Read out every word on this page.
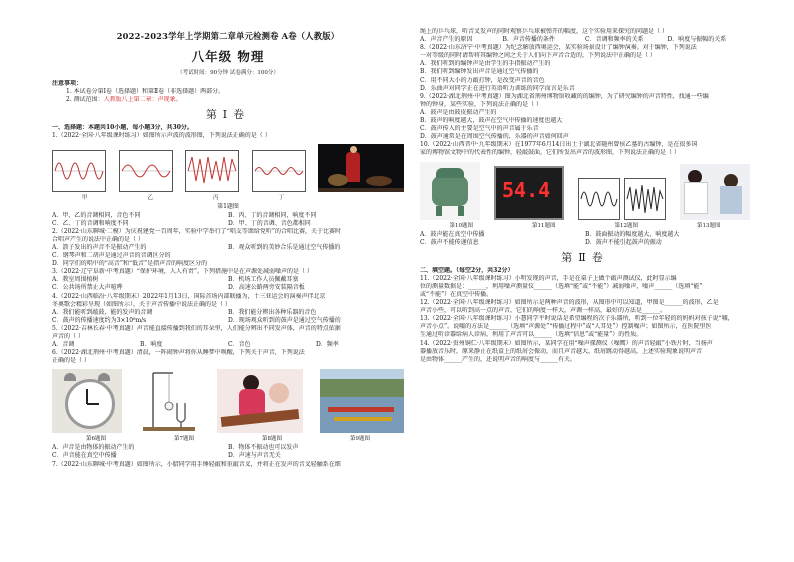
2022-2023学年上学期第二章单元检测卷 A卷（人教版）
八年级 物理
（考试时间：90分钟 试卷满分：100分）
注意事项：
1. 本试卷分第Ⅰ卷（选择题）和第Ⅱ卷（非选择题）两部分。
2. 测试范围：人教版八上第二章：声现象。
第Ⅰ卷
一、选择题：本题共10小题，每小题3分，共30分。
1.（2022·全国·八年级课时练习）如图所示声波的波形图，下列说法正确的是（ ）
甲	乙	丙	丁
第1题图
A．甲、乙的音调相同，音色不同	B．丙、丁的音调相同，响度不同
C．乙、丁的音调和响度不同	D．甲、丁的音调、音色都相同
2.（2022·山东聊城·二模）为庆祝建党一百周年，实验中学举行了“唱支等颂给党听”的合唱比赛，关于比赛时
合唱声产生的说法中正确的是（ ）
A．箭子发出的声音不是振动产生的	B．观众听到的美妙合乐是通过空气传播的
C．钢琴声和二胡声是通过声音的音调区分的
D．同学们的唱中的“高音”和“低音”是指声音的响度区分的
3.（2022·辽宁阜新·中考真题）“保护环境，人人有责”。下列措施中是在声源处减弱噪声的是（ ）
A．教室周围植树	B．机场工作人员佩戴耳塞
C．公共场所禁止大声喧哗	D．高速公路两旁安装隔音板
4.（2022·山西临汾·八年级期末）2022年1月13日，国际首场内部联播为，十三亚运会的演奏声伴北京
冬奥歌会精彩呈现（如图所示），关于声音传播中说法正确的是（ ）
A．我们能听到敲鼓，能的发声的音调	B．我们能分辨出各种乐器的音色
C．鼓声的传播速度约为3×10⁸m/s	D．现场观众听到的鼓声是通过空气传播的
5.（2022·吉林长春·中考真题）声音能直接传播到我们的耳朵里，人们能分辨出不同发声体，声音的特点依据
声音的（ ）
A．音调	B．响度	C．音色	D．频率
6.（2022·湖北荆州·中考真题）清晨，一阵闹钟声将你从睡梦中唤醒，下列关于声音，下列说法
正确的是（ ）
第6题图	第7题图	第8题图	第9题图
A．声音是由物体的振动产生的	B．物体不振动也可以发声
C．声音能在真空中传播	D．声速与声音无关
7.（2022·山东聊城·中考真题）如图所示，小腊同学用手锤轻敲和重敲音叉，并将正在发声的音叉轻触系在细
绳上的乒乓球，听音叉发声的同时观察乒乓球被弹开的幅度，这个实验用来探究的问题是（ ）
A．声音产生的原因	B．声音传播的条件	C．音调和频率的关系	D．响度与振幅的关系
8.（2022·山东济宁·中考真题）为纪念解放西奥运会，某实验场景设计了编钟演奏。对于编钟，下列说法
一对等级的同时请帮将其编钟之间之关于人们向下声音合适的，下列说法中正确的是（ ）
A．我们听到的编钟声是由学生的手指振动产生的
B．我们听到编钟发出声音是通过空气传播的
C．用不同大小的力敲打钟，是改变声音的音色
D．乐曲声对同学正在进行英语听力训练的同学而言是乐音
9.（2022·湖北荆州·中考真题）图为湖北省荆州博物馆收藏的的编钟，为了研究编钟的声音特性，找通一些编
钟的钟身，某些实验，下列说法正确的是（ ）
A．鼓声是由鼓皮振动产生的
B．鼓声的响度越大，鼓声在空气中传播的速度也越大
C．鼓声传入的主要是空气中的声音属于乐音
D．鼓声通常是在周围空气传播的，乐器的声音如何回声
10.（2022·山西晋中·九年级期末）在1977年6月14日出土于湖北省随州曾侯乙墓的古编钟，是在很多国
家的博物馆文物中的代表性的编钟，轻敲鼓面，它们所发出声音的波形图，下列说法正确的是（ ）
54.4
第10题图	第11题图	第12题图	第13题图
A．鼓声能在真空中传播	B．鼓面振动的幅度越大，响度越大
C．鼓声不能传递信息	D．鼓声不能引起鼓声的振动
第Ⅱ卷
二、填空题。（每空2分，共32分）
11.（2022·全国·八年级课时练习）小明发现的声音，手是在桌子上做个敲声测试仪，此时显示编
位的测量数据是：______，利用噪声测量仪______（选填“能”或“不能”）减弱噪声，噪声______（选填“能”
或“不能”）在真空中传播。
12.（2022·全国·八年级课时练习）如图所示是两种声音的波形，从图形中可以知道，甲图是______的波形，乙是
声音小些，可以听到高一点的声音，它们的响度一样大，声调一样高，最好的方法是______。
13.（2022·全国·八年级课时练习）小慧同学平时说话是希望编程的次子乐器所，听到一位年轻的的妈妈对孩子说“嘘，
声音小点”。说嘘的方法是______（选填“声源处”“传播过程中”或“人耳处”）控制噪声；如图所示，在医院里医
生通过听诊器给病人诊病，利用了声音可以______（选填“信息”或“能量”）的性质。
14.（2022·贵州铜仁·八年级期末）如图所示，某同学在用“噪声探测仪（噪鹰）的声音轻敲”小铁片时，当扬声
器播放音乐时，原来静止在纸盒上的纸屑会振动，而且声音越大，纸屑跳动得越高，上述实验现象说明声音
是由物体______产生的，还说明声音的响度与______有关。
